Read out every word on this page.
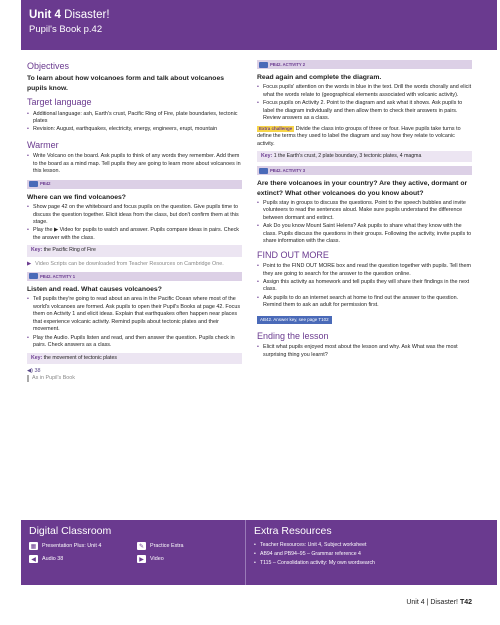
Unit 4 Disaster!
Pupil's Book p.42
Objectives
To learn about how volcanoes form and talk about volcanoes pupils know.
Target language
• Additional language: ash, Earth's crust, Pacific Ring of Fire, plate boundaries, tectonic plates
• Revision: August, earthquakes, electricity, energy, engineers, erupt, mountain
Warmer
• Write Volcano on the board. Ask pupils to think of any words they remember. Add them to the board as a mind map. Tell pupils they are going to learn more about volcanoes in this lesson.
PB42
Where can we find volcanoes?
• Show page 42 on the whiteboard and focus pupils on the question. Give pupils time to discuss the question together. Elicit ideas from the class, but don't confirm them at this stage.
• Play the ▶ Video for pupils to watch and answer. Pupils compare ideas in pairs. Check the answer with the class.
Key: the Pacific Ring of Fire
▶ Video Scripts can be downloaded from Teacher Resources on Cambridge One.
PB42. ACTIVITY 1
Listen and read. What causes volcanoes?
• Tell pupils they're going to read about an area in the Pacific Ocean where most of the world's volcanoes are formed. Ask pupils to open their Pupil's Books at page 42. Focus them on Activity 1 and elicit ideas. Explain that earthquakes often happen near places that experience volcanic activity. Remind pupils about tectonic plates and their movement.
• Play the Audio. Pupils listen and read, and then answer the question. Pupils check in pairs. Check answers as a class.
Key: the movement of tectonic plates
◀) 38
As in Pupil's Book
PB42. ACTIVITY 2
Read again and complete the diagram.
• Focus pupils' attention on the words in blue in the text. Drill the words chorally and elicit what the words relate to (geographical elements associated with volcanic activity).
• Focus pupils on Activity 2. Point to the diagram and ask what it shows. Ask pupils to label the diagram individually and then allow them to check their answers in pairs. Review answers as a class.

Extra challenge Divide the class into groups of three or four. Have pupils take turns to define the terms they used to label the diagram and say how they relate to volcanic activity.

Key: 1 the Earth's crust, 2 plate boundary, 3 tectonic plates, 4 magma
PB42. ACTIVITY 3
Are there volcanoes in your country? Are they active, dormant or extinct? What other volcanoes do you know about?
• Pupils stay in groups to discuss the questions. Point to the speech bubbles and invite volunteers to read the sentences aloud. Make sure pupils understand the difference between dormant and extinct.
• Ask Do you know Mount Saint Helens? Ask pupils to share what they know with the class. Pupils discuss the questions in their groups. Following the activity, invite pupils to share information with the class.
FIND OUT MORE
• Point to the FIND OUT MORE box and read the question together with pupils. Tell them they are going to search for the answer to the question online.
• Assign this activity as homework and tell pupils they will share their findings in the next class.
• Ask pupils to do an internet search at home to find out the answer to the question. Remind them to ask an adult for permission first.
AB42. Answer key, see page T102
Ending the lesson
• Elicit what pupils enjoyed most about the lesson and why. Ask What was the most surprising thing you learnt?
Digital Classroom
▦	Presentation Plus: Unit 4	✎	Practice Extra
◀	Audio 38	▶	Video
Extra Resources
• Teacher Resources: Unit 4, Subject worksheet
• AB94 and PB94–95 – Grammar reference 4
• T115 – Consolidation activity: My own wordsearch
Unit 4 | Disaster! T42
